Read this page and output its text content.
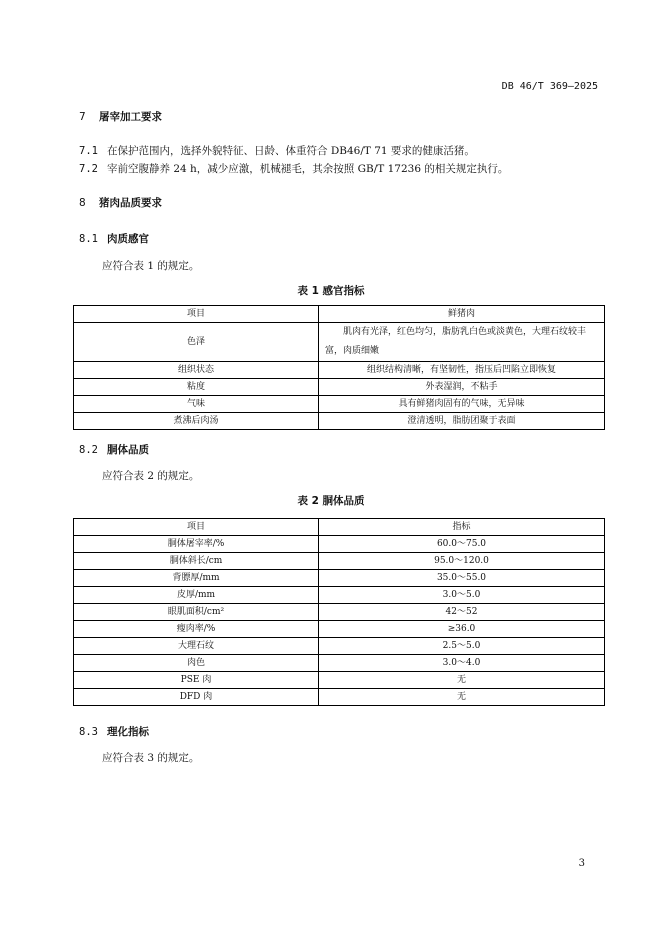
DB 46/T 369—2025
7 屠宰加工要求
7.1 在保护范围内，选择外貌特征、日龄、体重符合 DB46/T 71 要求的健康活猪。
7.2 宰前空腹静养 24 h，减少应激，机械褪毛，其余按照 GB/T 17236 的相关规定执行。
8 猪肉品质要求
8.1 肉质感官
应符合表 1 的规定。
表 1 感官指标
项目	鲜猪肉
色泽	肌肉有光泽，红色均匀，脂肪乳白色或淡黄色，大理石纹较丰富，肉质细嫩
组织状态	组织结构清晰，有坚韧性，指压后凹陷立即恢复
粘度	外表湿润，不粘手
气味	具有鲜猪肉固有的气味，无异味
煮沸后肉汤	澄清透明，脂肪团聚于表面
8.2 胴体品质
应符合表 2 的规定。
表 2 胴体品质
项目	指标
胴体屠宰率/%	60.0～75.0
胴体斜长/cm	95.0～120.0
背膘厚/mm	35.0～55.0
皮厚/mm	3.0～5.0
眼肌面积/cm²	42～52
瘦肉率/%	≥36.0
大理石纹	2.5～5.0
肉色	3.0～4.0
PSE 肉	无
DFD 肉	无
8.3 理化指标
应符合表 3 的规定。
3
